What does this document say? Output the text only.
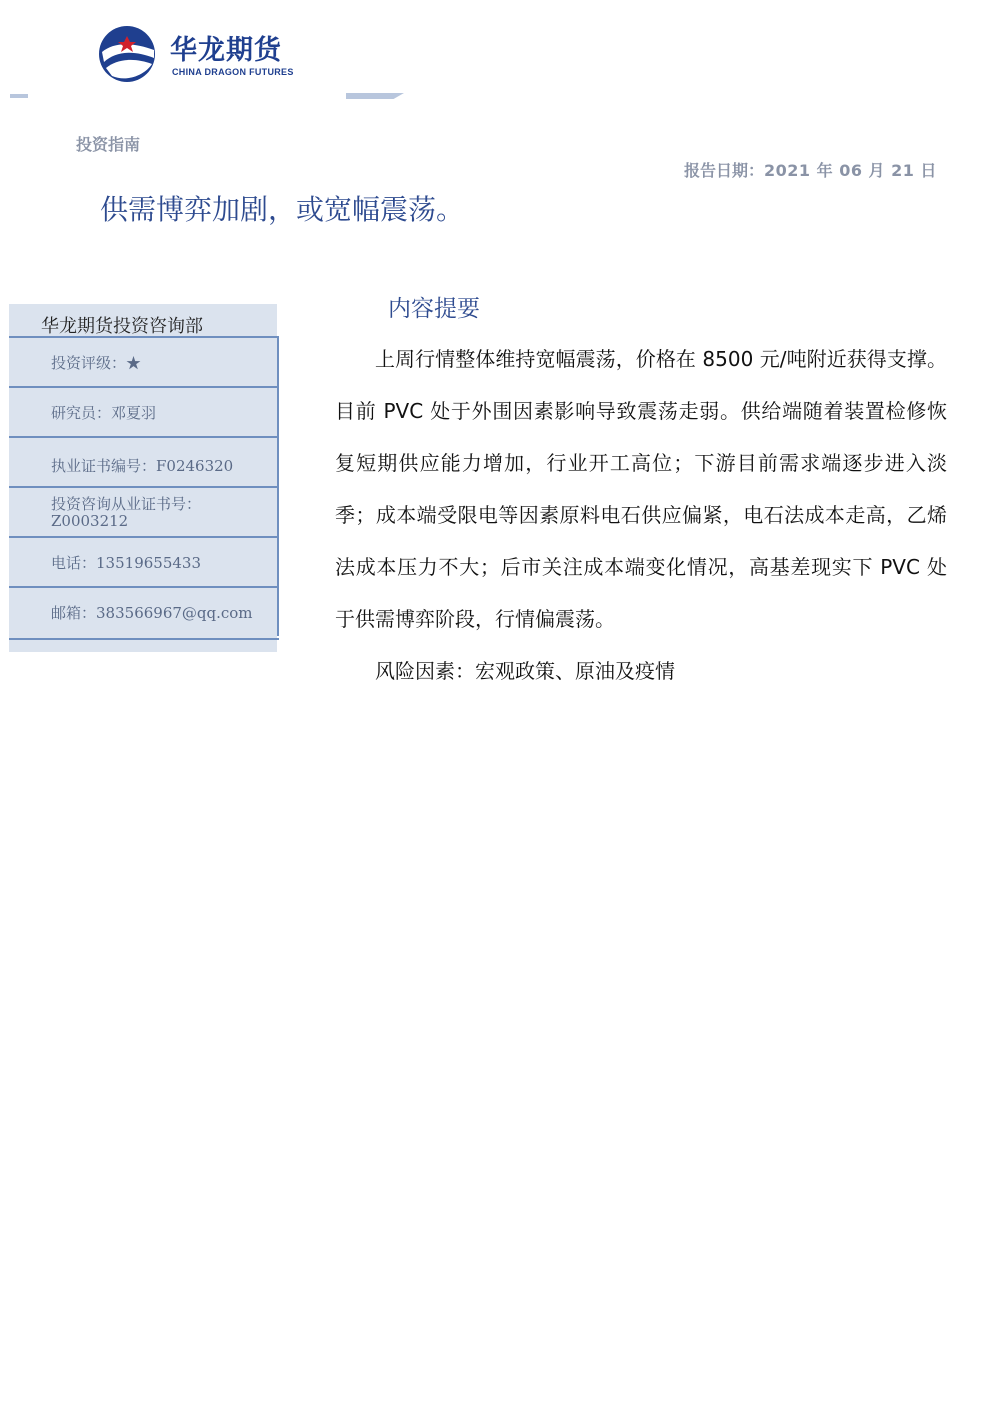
华龙期货
CHINA DRAGON FUTURES
投资指南
报告日期：2021 年 06 月 21 日
供需博弈加剧，或宽幅震荡。
华龙期货投资咨询部
投资评级：★
研究员：邓夏羽
执业证书编号：F0246320
投资咨询从业证书号：
Z0003212
电话：13519655433
邮箱：383566967@qq.com
内容提要

上周行情整体维持宽幅震荡，价格在 8500 元/吨附近获得支撑。目前 PVC 处于外围因素影响导致震荡走弱。供给端随着装置检修恢复短期供应能力增加，行业开工高位；下游目前需求端逐步进入淡季；成本端受限电等因素原料电石供应偏紧，电石法成本走高，乙烯法成本压力不大；后市关注成本端变化情况，高基差现实下 PVC 处于供需博弈阶段，行情偏震荡。

风险因素：宏观政策、原油及疫情
